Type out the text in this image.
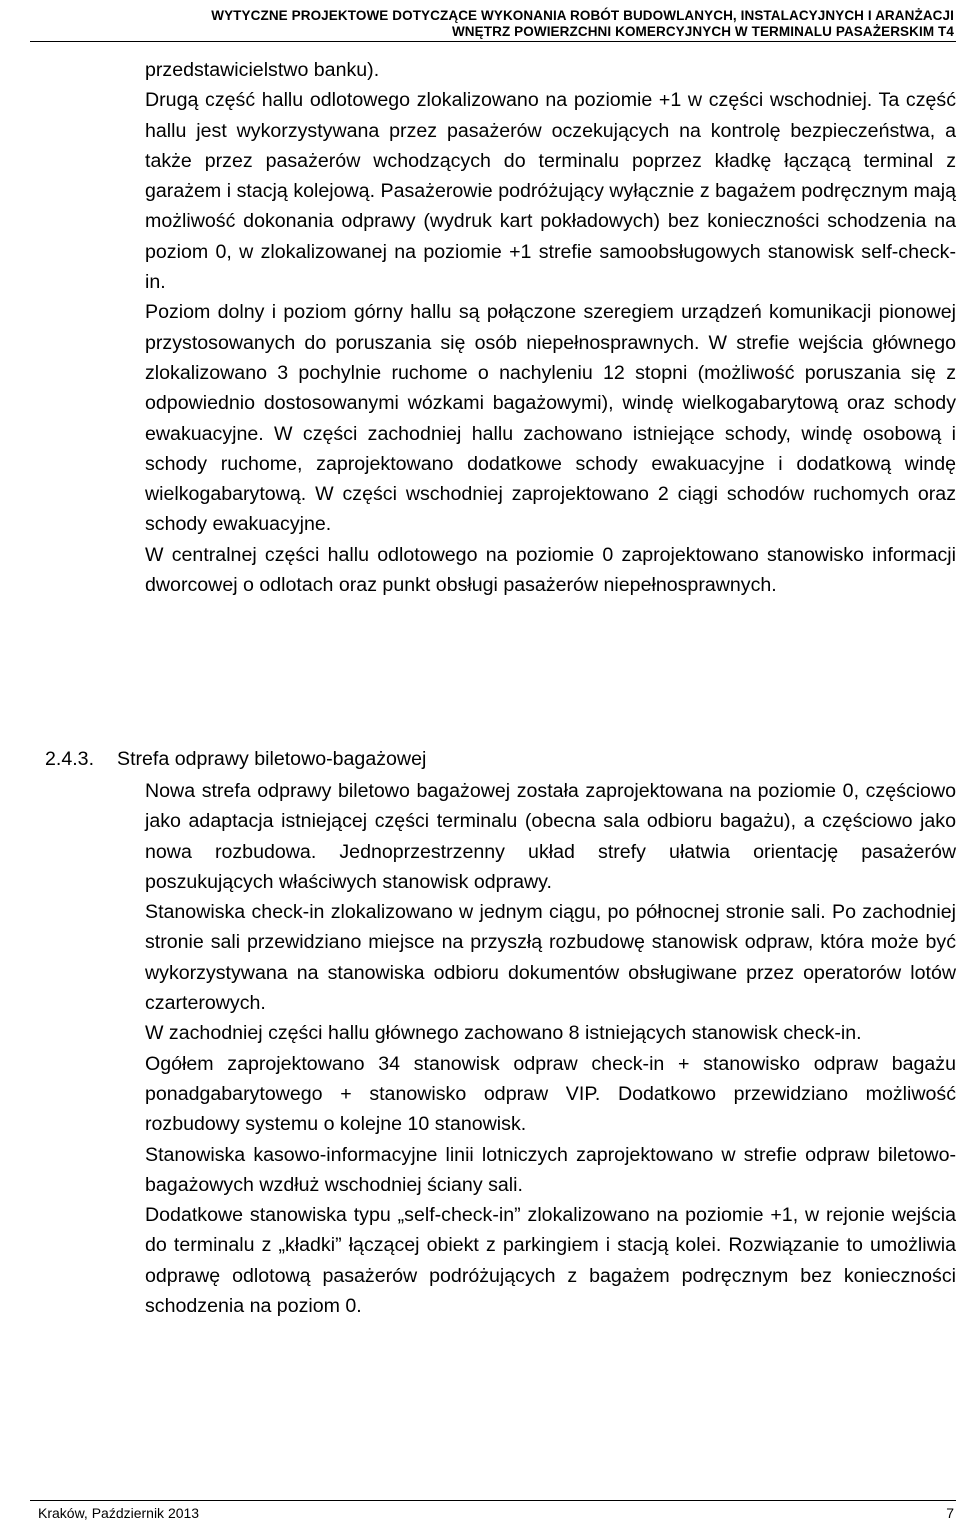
WYTYCZNE PROJEKTOWE DOTYCZĄCE WYKONANIA ROBÓT BUDOWLANYCH, INSTALACYJNYCH I ARANŻACJI
WNĘTRZ POWIERZCHNI KOMERCYJNYCH W TERMINALU PASAŻERSKIM T4

przedstawicielstwo banku).

Drugą część hallu odlotowego zlokalizowano na poziomie +1 w części wschodniej. Ta część hallu jest wykorzystywana przez pasażerów oczekujących na kontrolę bezpieczeństwa, a także przez pasażerów wchodzących do terminalu poprzez kładkę łączącą terminal z garażem i stacją kolejową. Pasażerowie podróżujący wyłącznie z bagażem podręcznym mają możliwość dokonania odprawy (wydruk kart pokładowych) bez konieczności schodzenia na poziom 0, w zlokalizowanej na poziomie +1 strefie samoobsługowych stanowisk self-check-in.

Poziom dolny i poziom górny hallu są połączone szeregiem urządzeń komunikacji pionowej przystosowanych do poruszania się osób niepełnosprawnych. W strefie wejścia głównego zlokalizowano 3 pochylnie ruchome o nachyleniu 12 stopni (możliwość poruszania się z odpowiednio dostosowanymi wózkami bagażowymi), windę wielkogabarytową oraz schody ewakuacyjne. W części zachodniej hallu zachowano istniejące schody, windę osobową i schody ruchome, zaprojektowano dodatkowe schody ewakuacyjne i dodatkową windę wielkogabarytową. W części wschodniej zaprojektowano 2 ciągi schodów ruchomych oraz schody ewakuacyjne.

W centralnej części hallu odlotowego na poziomie 0 zaprojektowano stanowisko informacji dworcowej o odlotach oraz punkt obsługi pasażerów niepełnosprawnych.

2.4.3. Strefa odprawy biletowo-bagażowej

Nowa strefa odprawy biletowo bagażowej została zaprojektowana na poziomie 0, częściowo jako adaptacja istniejącej części terminalu (obecna sala odbioru bagażu), a częściowo jako nowa rozbudowa. Jednoprzestrzenny układ strefy ułatwia orientację pasażerów poszukujących właściwych stanowisk odprawy.

Stanowiska check-in zlokalizowano w jednym ciągu, po północnej stronie sali. Po zachodniej stronie sali przewidziano miejsce na przyszłą rozbudowę stanowisk odpraw, która może być wykorzystywana na stanowiska odbioru dokumentów obsługiwane przez operatorów lotów czarterowych.

W zachodniej części hallu głównego zachowano 8 istniejących stanowisk check-in.

Ogółem zaprojektowano 34 stanowisk odpraw check-in + stanowisko odpraw bagażu ponadgabarytowego + stanowisko odpraw VIP. Dodatkowo przewidziano możliwość rozbudowy systemu o kolejne 10 stanowisk.

Stanowiska kasowo-informacyjne linii lotniczych zaprojektowano w strefie odpraw biletowo-bagażowych wzdłuż wschodniej ściany sali.

Dodatkowe stanowiska typu „self-check-in” zlokalizowano na poziomie +1, w rejonie wejścia do terminalu z „kładki” łączącej obiekt z parkingiem i stacją kolei. Rozwiązanie to umożliwia odprawę odlotową pasażerów podróżujących z bagażem podręcznym bez konieczności schodzenia na poziom 0.

Kraków, Październik 2013	7
